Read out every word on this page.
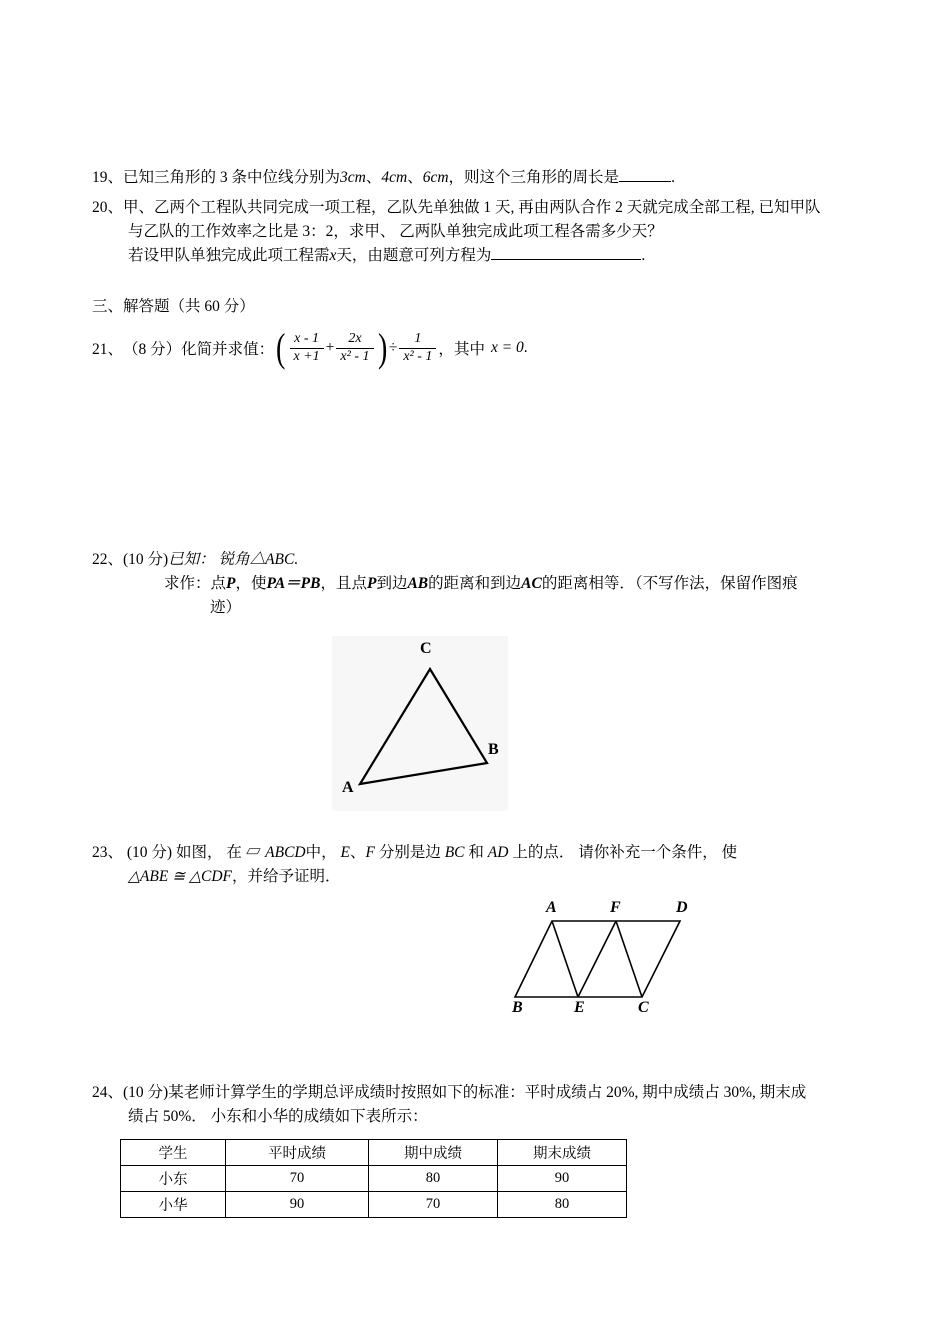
19、已知三角形的 3 条中位线分别为3cm、4cm、6cm，则这个三角形的周长是	.
20、甲、乙两个工程队共同完成一项工程，乙队先单独做 1 天, 再由两队合作 2 天就完成全部工程, 已知甲队
与乙队的工作效率之比是 3：2，求甲、 乙两队单独完成此项工程各需多少天？
若设甲队单独完成此项工程需x天，由题意可列方程为	.
三、解答题（共 60 分）
21、 （8 分） 化简并求值： ( $\frac{x - 1}{x +1} + \frac{2x}{\text{x² - 1}}$ ) ÷ $\frac{1}{\text{x² - 1}}$ ， 其中 x = 0 .
22、(10 分)已知： 锐角△ABC.
求作：点P，使PA＝PB，且点P到边AB的距离和到边AC的距离相等．（不写作法，保留作图痕
迹）
C
B
A
23、 (10 分) 如图， 在 ▱ ABCD中， E、F 分别是边 BC 和 AD 上的点． 请你补充一个条件， 使
△ABE ≅ △CDF，并给予证明．
A	F	D
B	E	C
24、(10 分)某老师计算学生的学期总评成绩时按照如下的标准：平时成绩占 20%, 期中成绩占 30%, 期末成
绩占 50%． 小东和小华的成绩如下表所示：
学生	平时成绩	期中成绩	期末成绩
小东	70	80	90
小华	90	70	80
